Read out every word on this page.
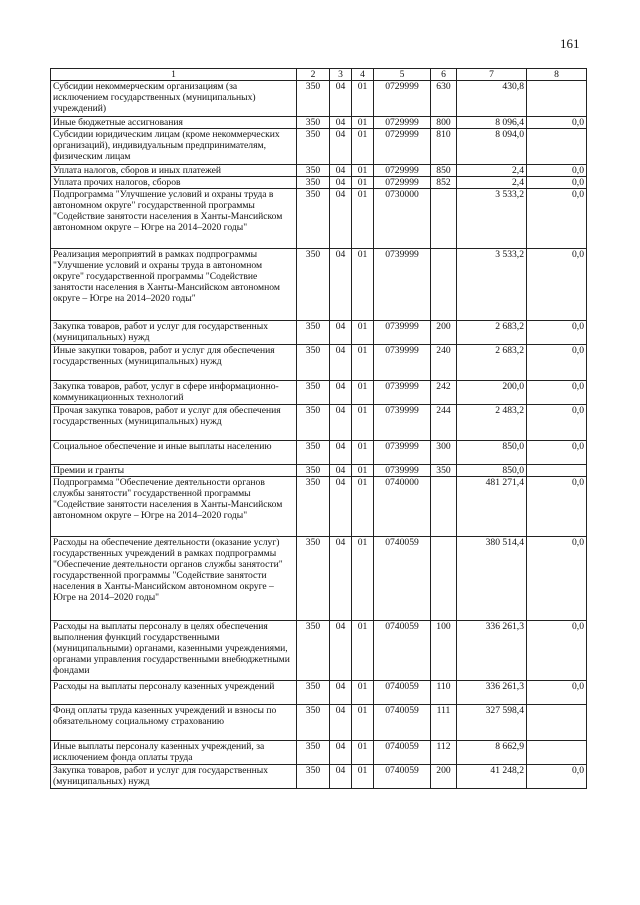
161
1	2	3	4	5	6	7	8
Субсидии некоммерческим организациям (за исключением государственных (муниципальных) учреждений)	350	04	01	0729999	630	430,8	
Иные бюджетные ассигнования	350	04	01	0729999	800	8 096,4	0,0
Субсидии юридическим лицам (кроме некоммерческих организаций), индивидуальным предпринимателям, физическим лицам	350	04	01	0729999	810	8 094,0	
Уплата налогов, сборов и иных платежей	350	04	01	0729999	850	2,4	0,0
Уплата прочих налогов, сборов	350	04	01	0729999	852	2,4	0,0
Подпрограмма "Улучшение условий и охраны труда в автономном округе" государственной программы "Содействие занятости населения в Ханты-Мансийском автономном округе – Югре на 2014–2020 годы"	350	04	01	0730000		3 533,2	0,0
Реализация мероприятий в рамках подпрограммы "Улучшение условий и охраны труда в автономном округе" государственной программы "Содействие занятости населения в Ханты-Мансийском автономном округе – Югре на 2014–2020 годы"	350	04	01	0739999		3 533,2	0,0
Закупка товаров, работ и услуг для государственных (муниципальных) нужд	350	04	01	0739999	200	2 683,2	0,0
Иные закупки товаров, работ и услуг для обеспечения государственных (муниципальных) нужд	350	04	01	0739999	240	2 683,2	0,0
Закупка товаров, работ, услуг в сфере информационно-коммуникационных технологий	350	04	01	0739999	242	200,0	0,0
Прочая закупка товаров, работ и услуг для обеспечения государственных (муниципальных) нужд	350	04	01	0739999	244	2 483,2	0,0
Социальное обеспечение и иные выплаты населению	350	04	01	0739999	300	850,0	0,0
Премии и гранты	350	04	01	0739999	350	850,0	
Подпрограмма "Обеспечение деятельности органов службы занятости" государственной программы "Содействие занятости населения в Ханты-Мансийском автономном округе – Югре на 2014–2020 годы"	350	04	01	0740000		481 271,4	0,0
Расходы на обеспечение деятельности (оказание услуг) государственных учреждений в рамках подпрограммы "Обеспечение деятельности органов службы занятости" государственной программы "Содействие занятости населения в Ханты-Мансийском автономном округе – Югре на 2014–2020 годы"	350	04	01	0740059		380 514,4	0,0
Расходы на выплаты персоналу в целях обеспечения выполнения функций государственными (муниципальными) органами, казенными учреждениями, органами управления государственными внебюджетными фондами	350	04	01	0740059	100	336 261,3	0,0
Расходы на выплаты персоналу казенных учреждений	350	04	01	0740059	110	336 261,3	0,0
Фонд оплаты труда казенных учреждений и взносы по обязательному социальному страхованию	350	04	01	0740059	111	327 598,4	
Иные выплаты персоналу казенных учреждений, за исключением фонда оплаты труда	350	04	01	0740059	112	8 662,9	
Закупка товаров, работ и услуг для государственных (муниципальных) нужд	350	04	01	0740059	200	41 248,2	0,0
